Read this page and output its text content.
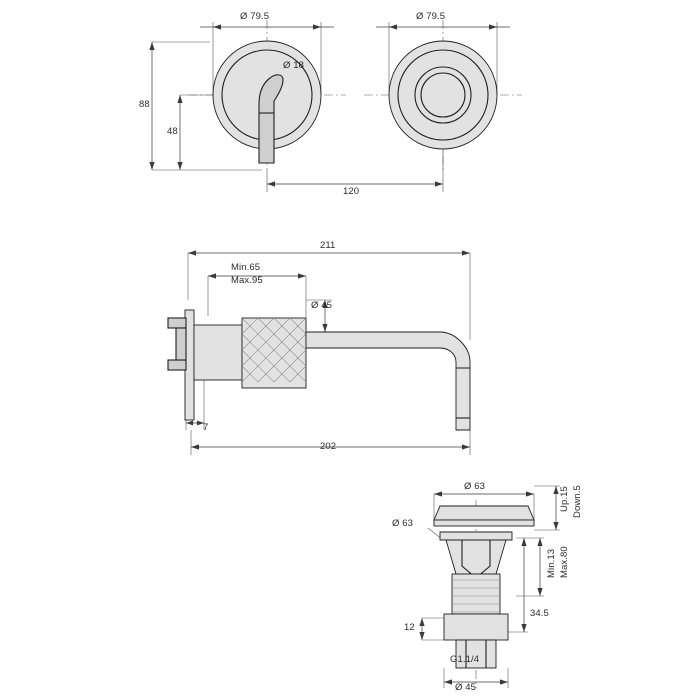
Ø 79.5
Ø 18
88
48
120
Ø 79.5
211
Min.65
Max.95
Ø 45
7
202
Ø 63
Ø 63
Up.15 Down.5
Min.13 Max.80
34.5
12
G1.1/4
Ø 45
